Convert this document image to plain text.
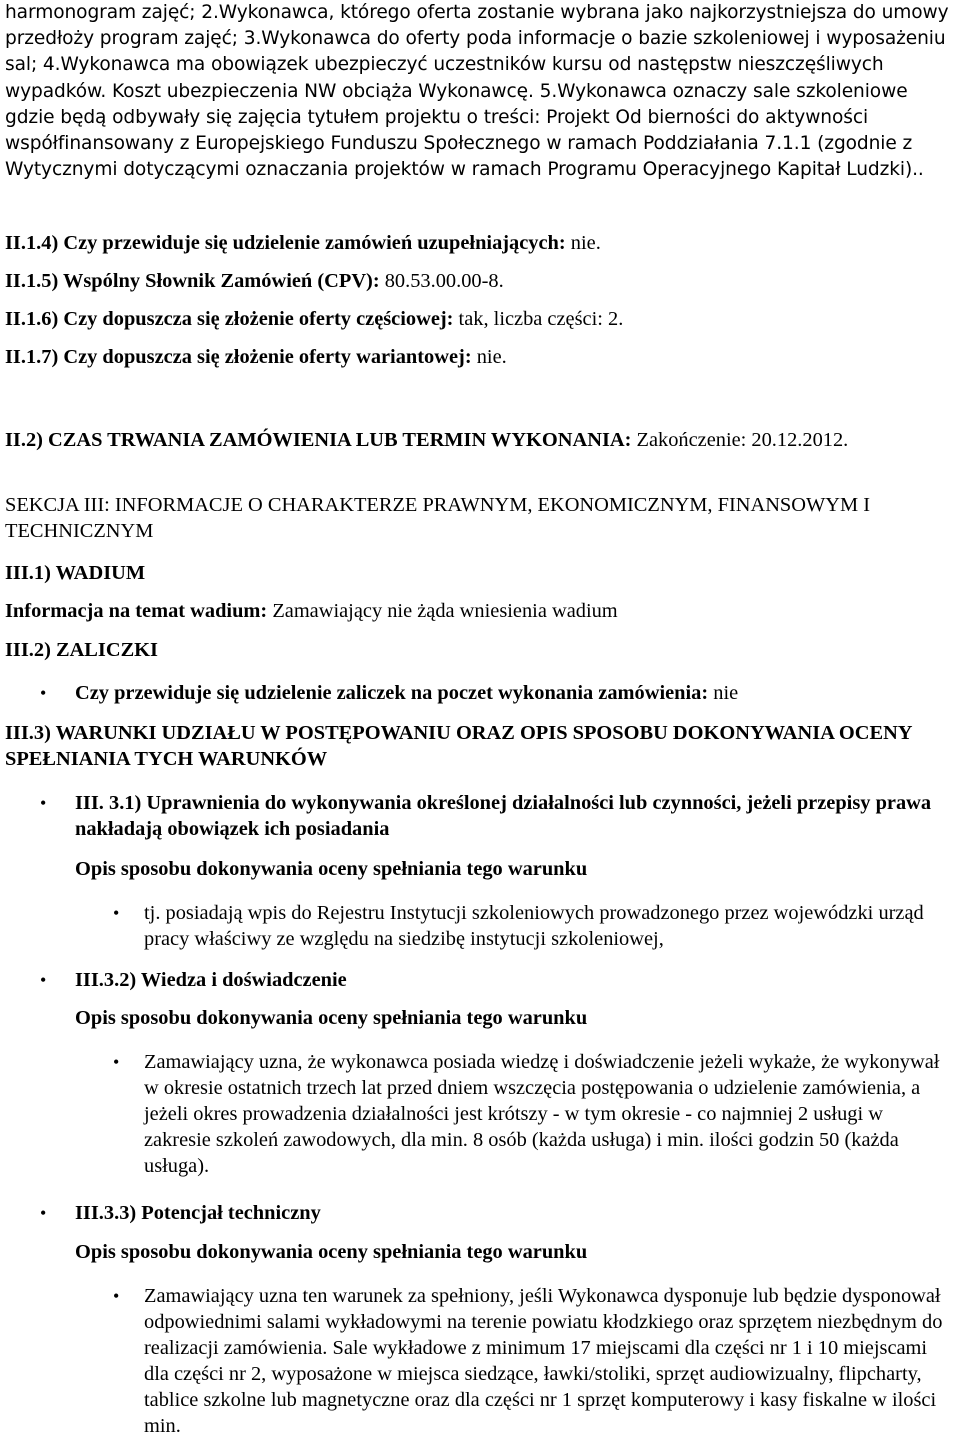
harmonogram zajęć; 2.Wykonawca, którego oferta zostanie wybrana jako najkorzystniejsza do umowy przedłoży program zajęć; 3.Wykonawca do oferty poda informacje o bazie szkoleniowej i wyposażeniu sal; 4.Wykonawca ma obowiązek ubezpieczyć uczestników kursu od następstw nieszczęśliwych wypadków. Koszt ubezpieczenia NW obciąża Wykonawcę. 5.Wykonawca oznaczy sale szkoleniowe gdzie będą odbywały się zajęcia tytułem projektu o treści: Projekt Od bierności do aktywności współfinansowany z Europejskiego Funduszu Społecznego w ramach Poddziałania 7.1.1 (zgodnie z Wytycznymi dotyczącymi oznaczania projektów w ramach Programu Operacyjnego Kapitał Ludzki)..

II.1.4) Czy przewiduje się udzielenie zamówień uzupełniających: nie.

II.1.5) Wspólny Słownik Zamówień (CPV): 80.53.00.00-8.

II.1.6) Czy dopuszcza się złożenie oferty częściowej: tak, liczba części: 2.

II.1.7) Czy dopuszcza się złożenie oferty wariantowej: nie.

II.2) CZAS TRWANIA ZAMÓWIENIA LUB TERMIN WYKONANIA: Zakończenie: 20.12.2012.

SEKCJA III: INFORMACJE O CHARAKTERZE PRAWNYM, EKONOMICZNYM, FINANSOWYM I TECHNICZNYM

III.1) WADIUM

Informacja na temat wadium: Zamawiający nie żąda wniesienia wadium

III.2) ZALICZKI

• Czy przewiduje się udzielenie zaliczek na poczet wykonania zamówienia: nie

III.3) WARUNKI UDZIAŁU W POSTĘPOWANIU ORAZ OPIS SPOSOBU DOKONYWANIA OCENY SPEŁNIANIA TYCH WARUNKÓW

• III. 3.1) Uprawnienia do wykonywania określonej działalności lub czynności, jeżeli przepisy prawa nakładają obowiązek ich posiadania

Opis sposobu dokonywania oceny spełniania tego warunku

• tj. posiadają wpis do Rejestru Instytucji szkoleniowych prowadzonego przez wojewódzki urząd pracy właściwy ze względu na siedzibę instytucji szkoleniowej,

• III.3.2) Wiedza i doświadczenie

Opis sposobu dokonywania oceny spełniania tego warunku

• Zamawiający uzna, że wykonawca posiada wiedzę i doświadczenie jeżeli wykaże, że wykonywał w okresie ostatnich trzech lat przed dniem wszczęcia postępowania o udzielenie zamówienia, a jeżeli okres prowadzenia działalności jest krótszy - w tym okresie - co najmniej 2 usługi w zakresie szkoleń zawodowych, dla min. 8 osób (każda usługa) i min. ilości godzin 50 (każda usługa).

• III.3.3) Potencjał techniczny

Opis sposobu dokonywania oceny spełniania tego warunku

• Zamawiający uzna ten warunek za spełniony, jeśli Wykonawca dysponuje lub będzie dysponował odpowiednimi salami wykładowymi na terenie powiatu kłodzkiego oraz sprzętem niezbędnym do realizacji zamówienia. Sale wykładowe z minimum 17 miejscami dla części nr 1 i 10 miejscami dla części nr 2, wyposażone w miejsca siedzące, ławki/stoliki, sprzęt audiowizualny, flipcharty, tablice szkolne lub magnetyczne oraz dla części nr 1 sprzęt komputerowy i kasy fiskalne w ilości min.
